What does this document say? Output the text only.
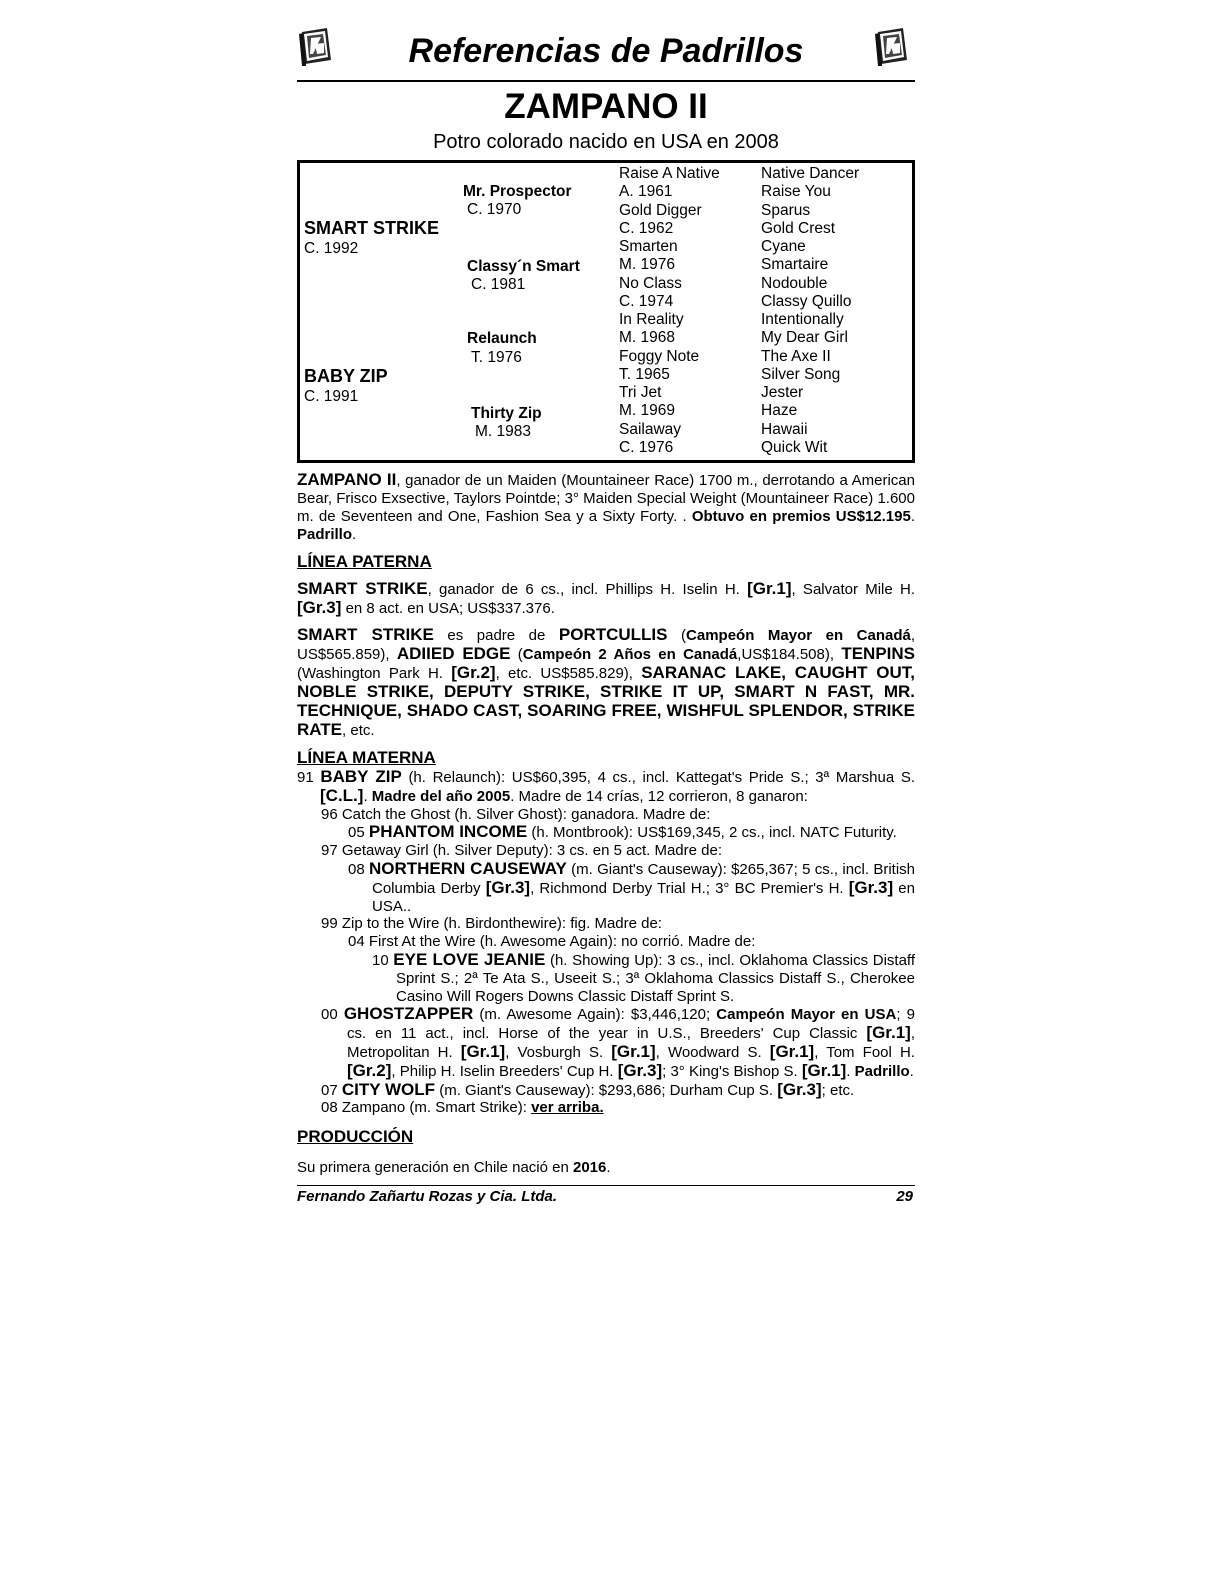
Referencias de Padrillos
ZAMPANO II
Potro colorado nacido en USA en 2008
SMART STRIKE
C. 1992
BABY ZIP
C. 1991
Mr. Prospector
C. 1970
Classy´n Smart
C. 1981
Relaunch
T. 1976
Thirty Zip
M. 1983
Raise A Native
A. 1961
Gold Digger
C. 1962
Smarten
M. 1976
No Class
C. 1974
In Reality
M. 1968
Foggy Note
T. 1965
Tri Jet
M. 1969
Sailaway
C. 1976
Native Dancer
Raise You
Sparus
Gold Crest
Cyane
Smartaire
Nodouble
Classy Quillo
Intentionally
My Dear Girl
The Axe II
Silver Song
Jester
Haze
Hawaii
Quick Wit
ZAMPANO II, ganador de un Maiden (Mountaineer Race) 1700 m., derrotando a American Bear, Frisco Exsective, Taylors Pointde; 3° Maiden Special Weight (Mountaineer Race) 1.600 m. de Seventeen and One, Fashion Sea y a Sixty Forty. . Obtuvo en premios US$12.195. Padrillo.
LÍNEA PATERNA
SMART STRIKE, ganador de 6 cs., incl. Phillips H. Iselin H. [Gr.1], Salvator Mile H. [Gr.3] en 8 act. en USA; US$337.376.
SMART STRIKE es padre de PORTCULLIS (Campeón Mayor en Canadá, US$565.859), ADIIED EDGE (Campeón 2 Años en Canadá,US$184.508), TENPINS (Washington Park H. [Gr.2], etc. US$585.829), SARANAC LAKE, CAUGHT OUT, NOBLE STRIKE, DEPUTY STRIKE, STRIKE IT UP, SMART N FAST, MR. TECHNIQUE, SHADO CAST, SOARING FREE, WISHFUL SPLENDOR, STRIKE RATE, etc.
LÍNEA MATERNA
91 BABY ZIP (h. Relaunch): US$60,395, 4 cs., incl. Kattegat's Pride S.; 3ª Marshua S. [C.L.]. Madre del año 2005. Madre de 14 crías, 12 corrieron, 8 ganaron:
96 Catch the Ghost (h. Silver Ghost): ganadora. Madre de:
05 PHANTOM INCOME (h. Montbrook): US$169,345, 2 cs., incl. NATC Futurity.
97 Getaway Girl (h. Silver Deputy): 3 cs. en 5 act. Madre de:
08 NORTHERN CAUSEWAY (m. Giant's Causeway): $265,367; 5 cs., incl. British Columbia Derby [Gr.3], Richmond Derby Trial H.; 3° BC Premier's H. [Gr.3] en USA..
99 Zip to the Wire (h. Birdonthewire): fig. Madre de:
04 First At the Wire (h. Awesome Again): no corrió. Madre de:
10 EYE LOVE JEANIE (h. Showing Up): 3 cs., incl. Oklahoma Classics Distaff Sprint S.; 2ª Te Ata S., Useeit S.; 3ª Oklahoma Classics Distaff S., Cherokee Casino Will Rogers Downs Classic Distaff Sprint S.
00 GHOSTZAPPER (m. Awesome Again): $3,446,120; Campeón Mayor en USA; 9 cs. en 11 act., incl. Horse of the year in U.S., Breeders' Cup Classic [Gr.1], Metropolitan H. [Gr.1], Vosburgh S. [Gr.1], Woodward S. [Gr.1], Tom Fool H. [Gr.2], Philip H. Iselin Breeders' Cup H. [Gr.3]; 3° King's Bishop S. [Gr.1]. Padrillo.
07 CITY WOLF (m. Giant's Causeway): $293,686; Durham Cup S. [Gr.3]; etc.
08 Zampano (m. Smart Strike): ver arriba.
PRODUCCIÓN
Su primera generación en Chile nació en 2016.
Fernando Zañartu Rozas y Cia. Ltda.	29
